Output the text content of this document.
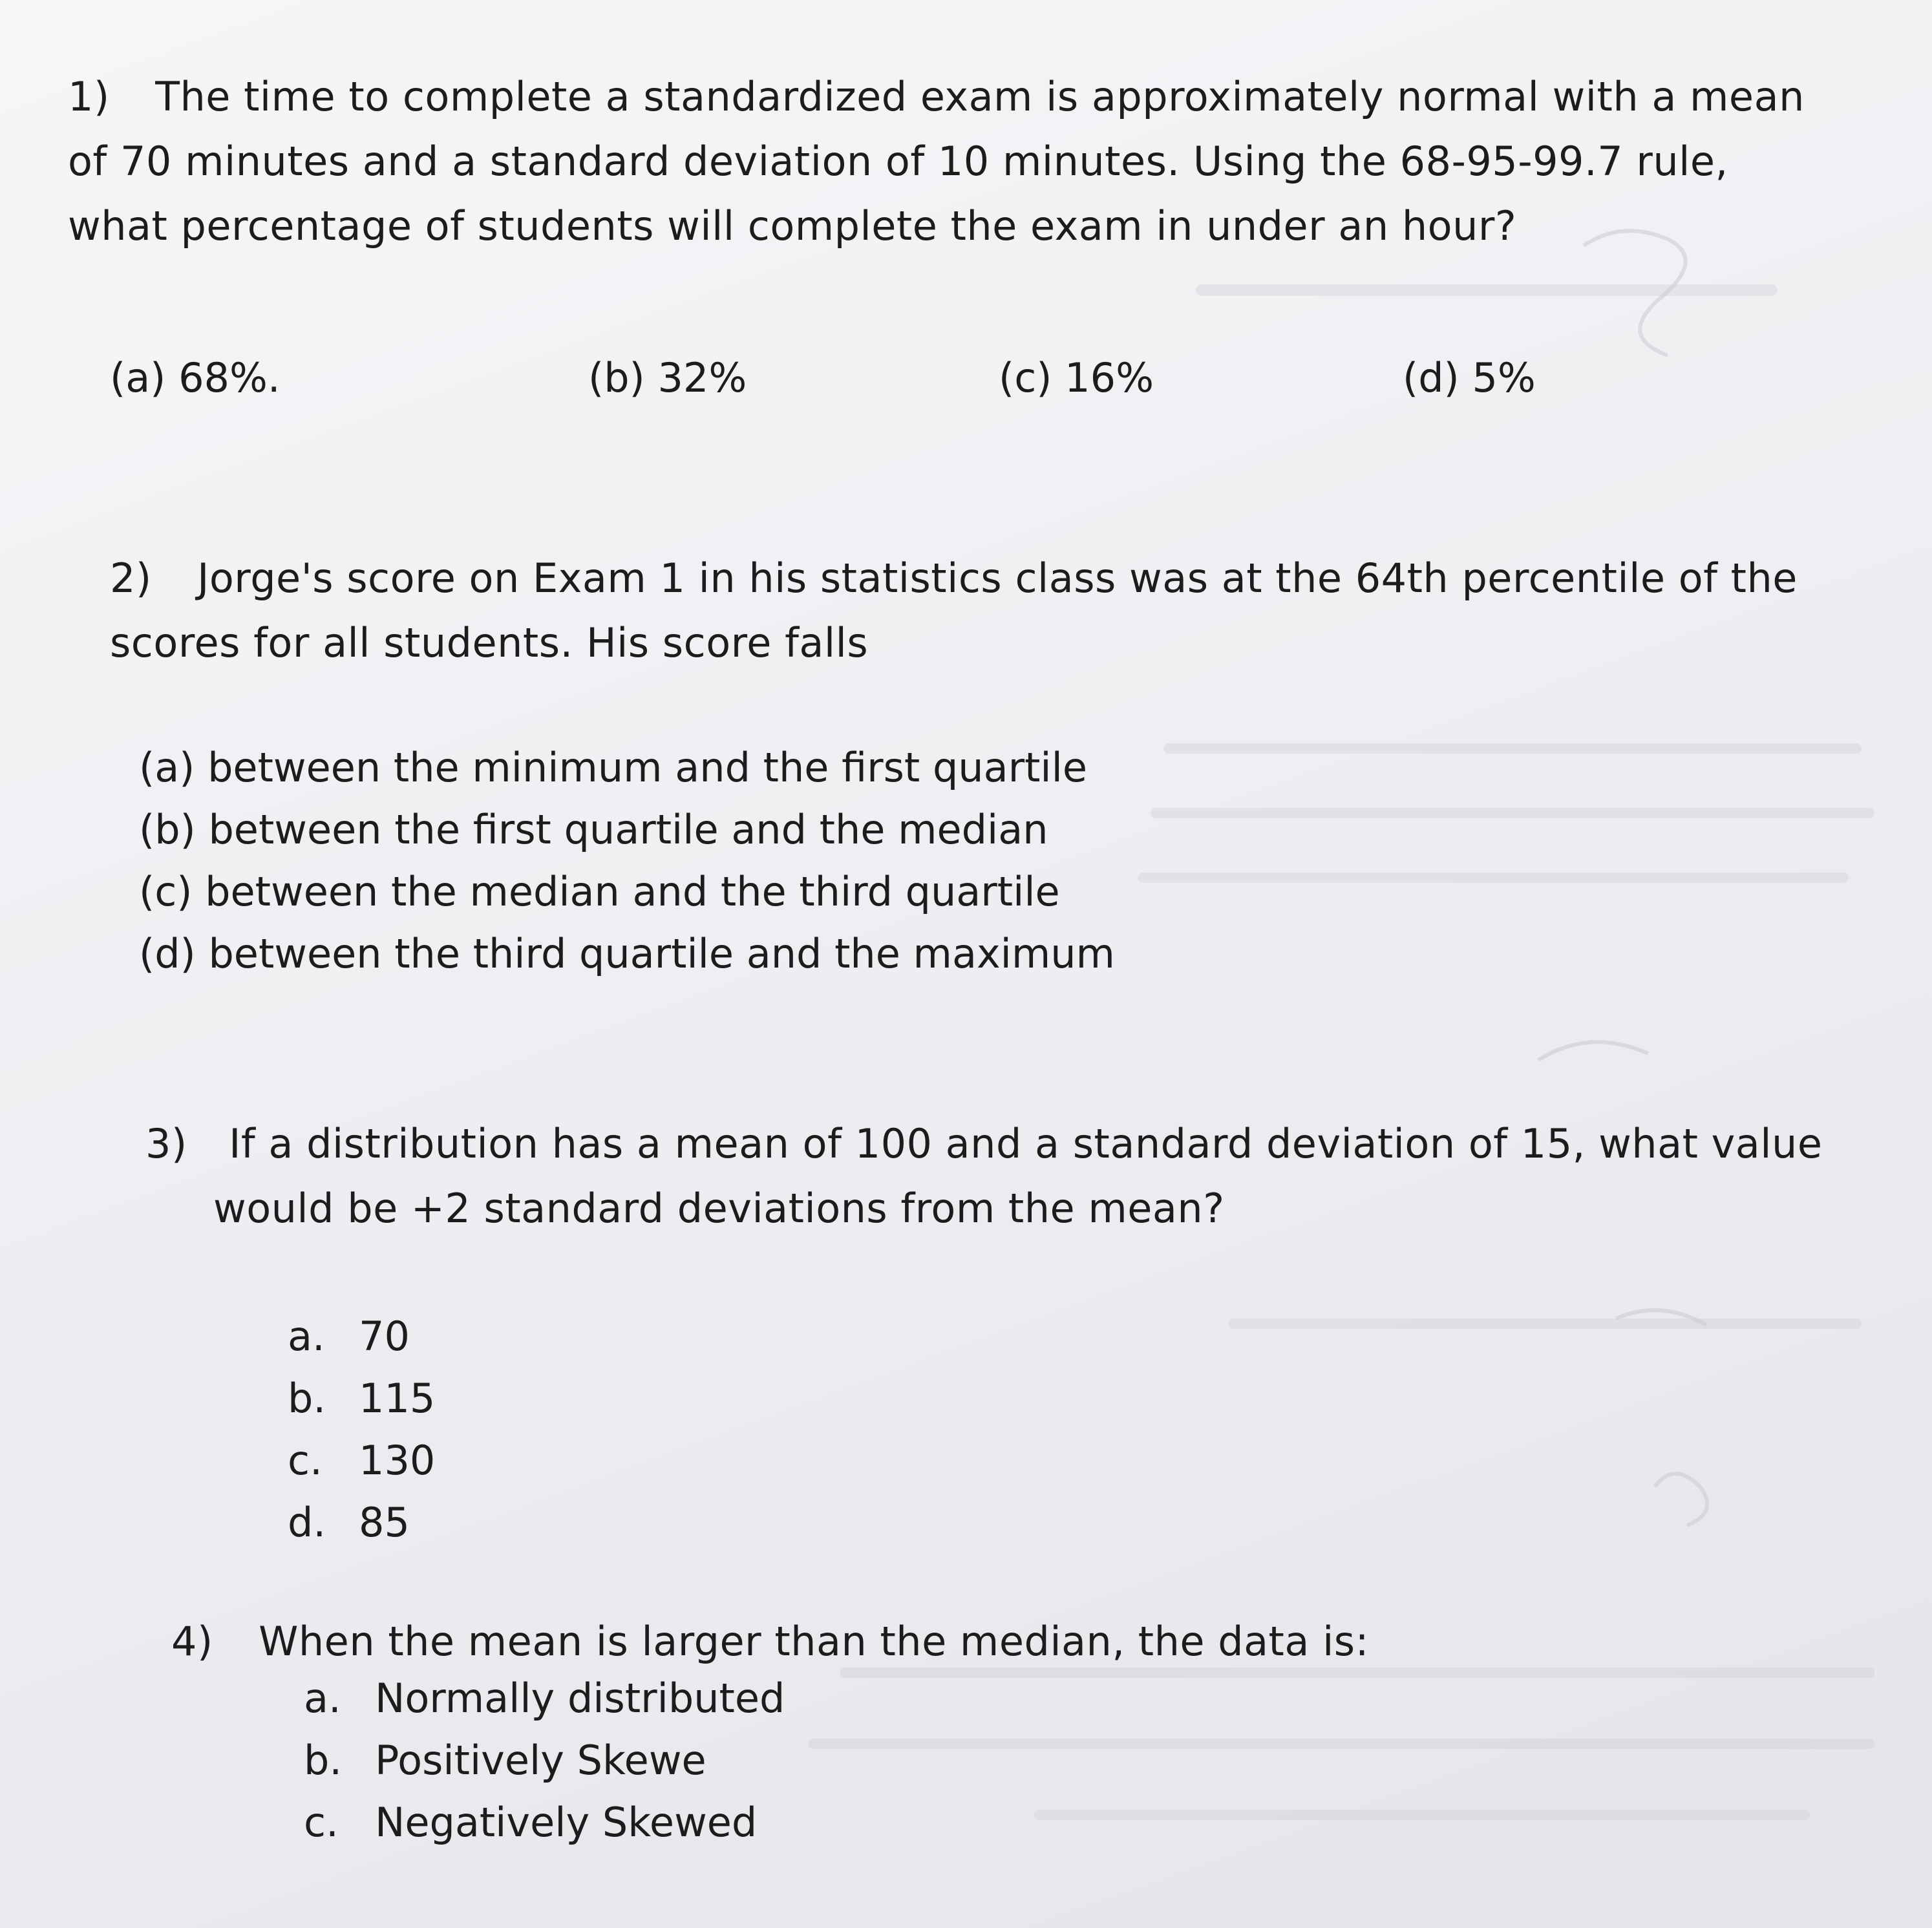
1) The time to complete a standardized exam is approximately normal with a mean

of 70 minutes and a standard deviation of 10 minutes. Using the 68-95-99.7 rule,

what percentage of students will complete the exam in under an hour?

(a) 68%.	(b) 32%	(c) 16%	(d) 5%

2) Jorge's score on Exam 1 in his statistics class was at the 64th percentile of the

scores for all students. His score falls

(a) between the minimum and the first quartile
(b) between the first quartile and the median
(c) between the median and the third quartile
(d) between the third quartile and the maximum

3) If a distribution has a mean of 100 and a standard deviation of 15, what value

would be +2 standard deviations from the mean?

a. 70
b. 115
c. 130
d. 85

4) When the mean is larger than the median, the data is:

a. Normally distributed
b. Positively Skewe
c. Negatively Skewed
